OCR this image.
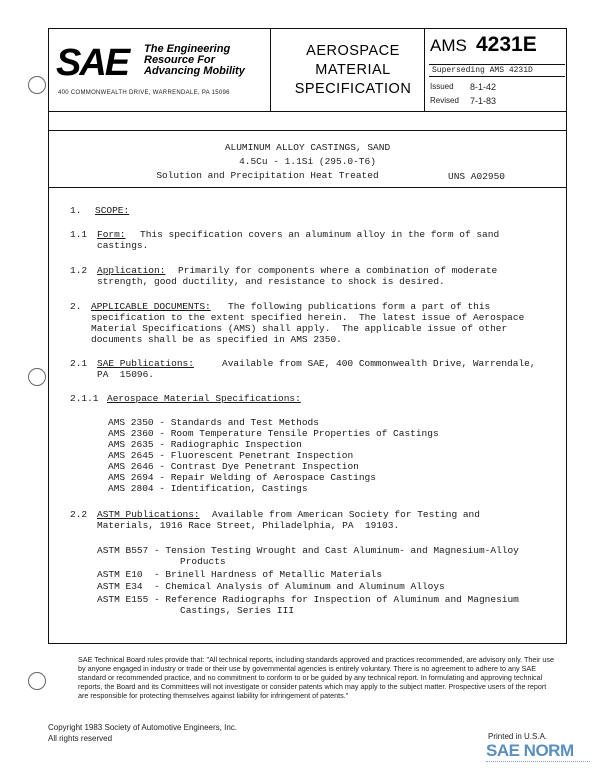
SAE The Engineering
Resource For
Advancing Mobility
400 COMMONWEALTH DRIVE, WARRENDALE, PA 15096
AEROSPACE
MATERIAL
SPECIFICATION
AMS 4231E
Superseding AMS 4231D
Issued 8-1-42
Revised 7-1-83
ALUMINUM ALLOY CASTINGS, SAND
4.5Cu - 1.1Si (295.0-T6)
Solution and Precipitation Heat Treated	UNS A02950
1. SCOPE:
1.1 Form: This specification covers an aluminum alloy in the form of sand
castings.
1.2 Application: Primarily for components where a combination of moderate
strength, good ductility, and resistance to shock is desired.
2. APPLICABLE DOCUMENTS: The following publications form a part of this
specification to the extent specified herein.  The latest issue of Aerospace
Material Specifications (AMS) shall apply.  The applicable issue of other
documents shall be as specified in AMS 2350.
2.1 SAE Publications:	Available from SAE, 400 Commonwealth Drive, Warrendale,
PA  15096.
2.1.1 Aerospace Material Specifications:
AMS 2350 - Standards and Test Methods
AMS 2360 - Room Temperature Tensile Properties of Castings
AMS 2635 - Radiographic Inspection
AMS 2645 - Fluorescent Penetrant Inspection
AMS 2646 - Contrast Dye Penetrant Inspection
AMS 2694 - Repair Welding of Aerospace Castings
AMS 2804 - Identification, Castings
2.2 ASTM Publications: Available from American Society for Testing and
Materials, 1916 Race Street, Philadelphia, PA  19103.
ASTM B557 - Tension Testing Wrought and Cast Aluminum- and Magnesium-Alloy
Products
ASTM E10  - Brinell Hardness of Metallic Materials
ASTM E34  - Chemical Analysis of Aluminum and Aluminum Alloys
ASTM E155 - Reference Radiographs for Inspection of Aluminum and Magnesium
Castings, Series III
SAE Technical Board rules provide that: "All technical reports, including standards approved and practices recommended, are advisory only. Their use by anyone engaged in industry or trade or their use by governmental agencies is entirely voluntary. There is no agreement to adhere to any SAE standard or recommended practice, and no commitment to conform to or be guided by any technical report. In formulating and approving technical reports, the Board and its Committees will not investigate or consider patents which may apply to the subject matter. Prospective users of the report are responsible for protecting themselves against liability for infringement of patents."
Copyright 1983 Society of Automotive Engineers, Inc.
All rights reserved	Printed in U.S.A.
SAE NORM
